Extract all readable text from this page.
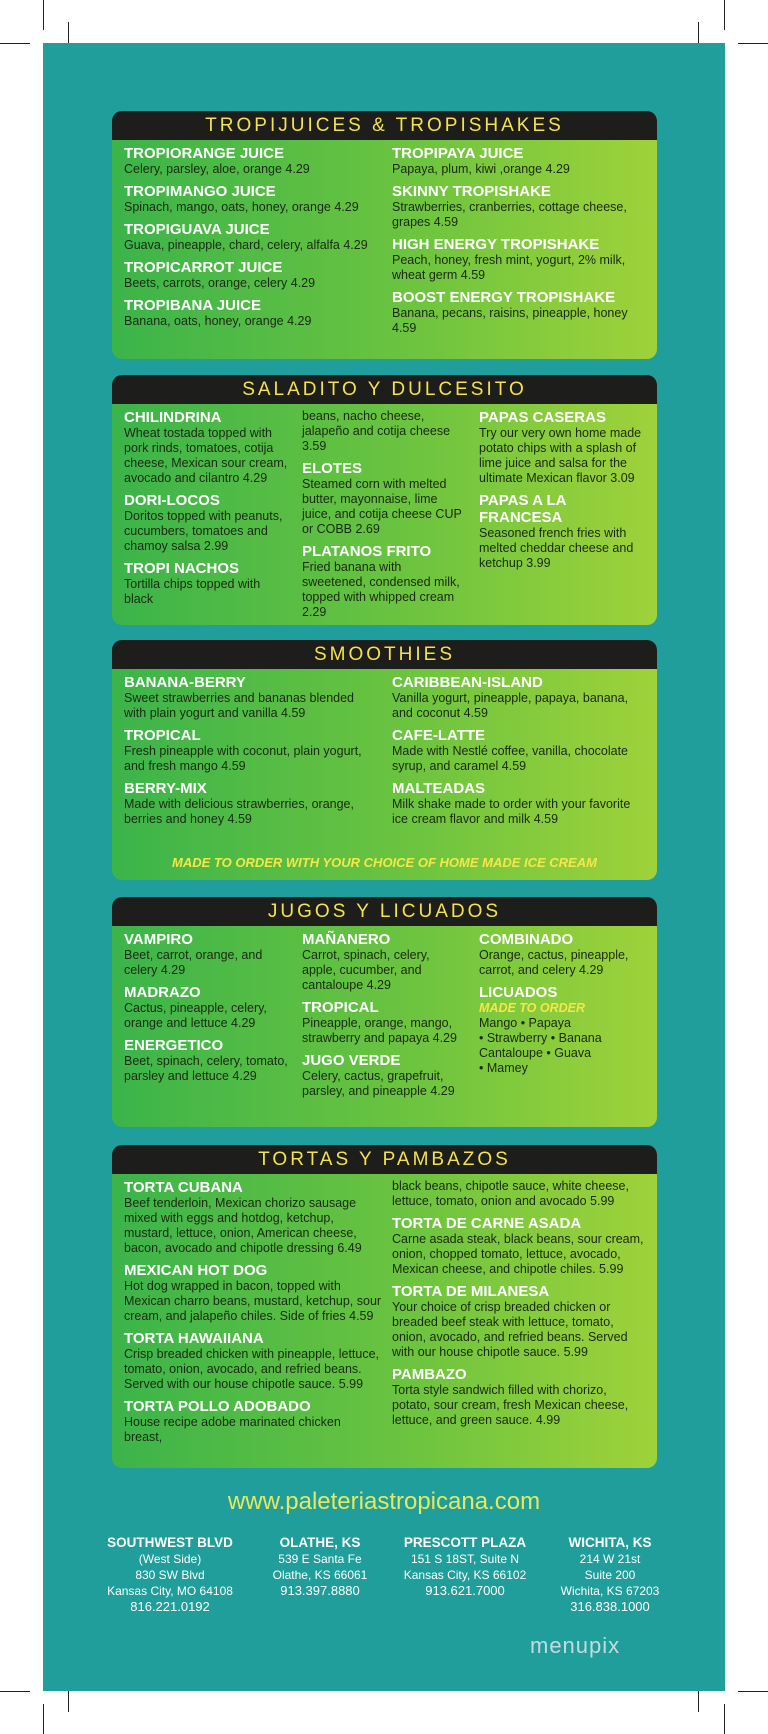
TROPIJUICES & TROPISHAKES
TROPIORANGE JUICE
Celery, parsley, aloe, orange 4.29
TROPIMANGO JUICE
Spinach, mango, oats, honey, orange 4.29
TROPIGUAVA JUICE
Guava, pineapple, chard, celery, alfalfa 4.29
TROPICARROT JUICE
Beets, carrots, orange, celery 4.29
TROPIBANA JUICE
Banana, oats, honey, orange 4.29
TROPIPAYA JUICE
Papaya, plum, kiwi ,orange 4.29
SKINNY TROPISHAKE
Strawberries, cranberries, cottage cheese, grapes 4.59
HIGH ENERGY TROPISHAKE
Peach, honey, fresh mint, yogurt, 2% milk, wheat germ 4.59
BOOST ENERGY TROPISHAKE
Banana, pecans, raisins, pineapple, honey 4.59
SALADITO Y DULCESITO
CHILINDRINA
Wheat tostada topped with pork rinds, tomatoes, cotija cheese, Mexican sour cream, avocado and cilantro 4.29
DORI-LOCOS
Doritos topped with peanuts, cucumbers, tomatoes and chamoy salsa 2.99
TROPI NACHOS
Tortilla chips topped with black
beans, nacho cheese, jalapeño and cotija cheese 3.59
ELOTES
Steamed corn with melted butter, mayonnaise, lime juice, and cotija cheese CUP or COBB 2.69
PLATANOS FRITO
Fried banana with sweetened, condensed milk, topped with whipped cream 2.29
PAPAS CASERAS
Try our very own home made potato chips with a splash of lime juice and salsa for the ultimate Mexican flavor 3.09
PAPAS A LA FRANCESA
Seasoned french fries with melted cheddar cheese and ketchup 3.99
SMOOTHIES
BANANA-BERRY
Sweet strawberries and bananas blended with plain yogurt and vanilla 4.59
TROPICAL
Fresh pineapple with coconut, plain yogurt, and fresh mango 4.59
BERRY-MIX
Made with delicious strawberries, orange, berries and honey 4.59
CARIBBEAN-ISLAND
Vanilla yogurt, pineapple, papaya, banana, and coconut 4.59
CAFE-LATTE
Made with Nestlé coffee, vanilla, chocolate syrup, and caramel 4.59
MALTEADAS
Milk shake made to order with your favorite ice cream flavor and milk 4.59
MADE TO ORDER WITH YOUR CHOICE OF HOME MADE ICE CREAM
JUGOS Y LICUADOS
VAMPIRO
Beet, carrot, orange, and celery 4.29
MADRAZO
Cactus, pineapple, celery, orange and lettuce 4.29
ENERGETICO
Beet, spinach, celery, tomato, parsley and lettuce 4.29
MAÑANERO
Carrot, spinach, celery, apple, cucumber, and cantaloupe 4.29
TROPICAL
Pineapple, orange, mango, strawberry and papaya 4.29
JUGO VERDE
Celery, cactus, grapefruit, parsley, and pineapple 4.29
COMBINADO
Orange, cactus, pineapple, carrot, and celery 4.29
LICUADOS
MADE TO ORDER
Mango • Papaya
• Strawberry • Banana
Cantaloupe • Guava
• Mamey
TORTAS Y PAMBAZOS
TORTA CUBANA
Beef tenderloin, Mexican chorizo sausage mixed with eggs and hotdog, ketchup, mustard, lettuce, onion, American cheese, bacon, avocado and chipotle dressing 6.49
MEXICAN HOT DOG
Hot dog wrapped in bacon, topped with Mexican charro beans, mustard, ketchup, sour cream, and jalapeño chiles. Side of fries 4.59
TORTA HAWAIIANA
Crisp breaded chicken with pineapple, lettuce, tomato, onion, avocado, and refried beans. Served with our house chipotle sauce. 5.99
TORTA POLLO ADOBADO
House recipe adobe marinated chicken breast,
black beans, chipotle sauce, white cheese, lettuce, tomato, onion and avocado 5.99
TORTA DE CARNE ASADA
Carne asada steak, black beans, sour cream, onion, chopped tomato, lettuce, avocado, Mexican cheese, and chipotle chiles. 5.99
TORTA DE MILANESA
Your choice of crisp breaded chicken or breaded beef steak with lettuce, tomato, onion, avocado, and refried beans. Served with our house chipotle sauce. 5.99
PAMBAZO
Torta style sandwich filled with chorizo, potato, sour cream, fresh Mexican cheese, lettuce, and green sauce. 4.99
www.paleteriastropicana.com
SOUTHWEST BLVD
(West Side)
830 SW Blvd
Kansas City, MO 64108
816.221.0192
OLATHE, KS
539 E Santa Fe
Olathe, KS 66061
913.397.8880
PRESCOTT PLAZA
151 S 18ST, Suite N
Kansas City, KS 66102
913.621.7000
WICHITA, KS
214 W 21st
Suite 200
Wichita, KS 67203
316.838.1000
menupix
